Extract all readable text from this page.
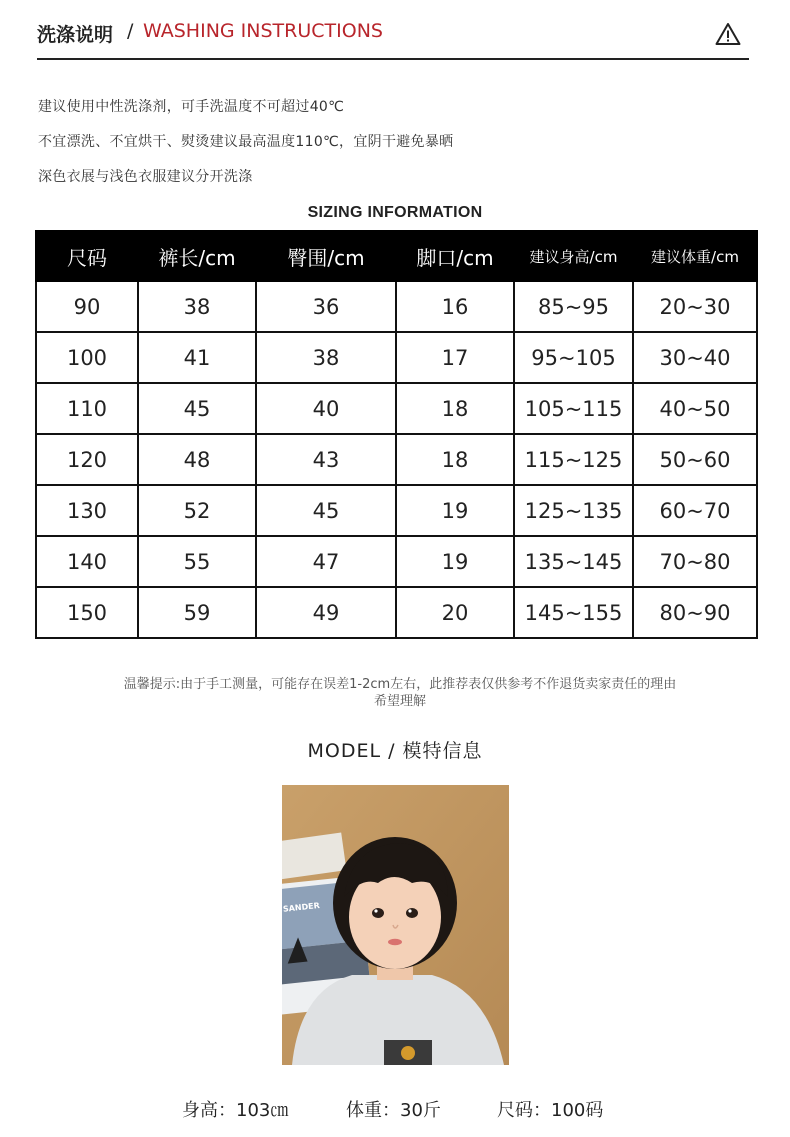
洗涤说明 / WASHING INSTRUCTIONS
建议使用中性洗涤剂，可手洗温度不可超过40℃
不宜漂洗、不宜烘干、熨烫建议最高温度110℃，宜阴干避免暴晒
深色衣展与浅色衣服建议分开洗涤
SIZING INFORMATION
尺码	裤长/cm	臀围/cm	脚口/cm	建议身高/cm	建议体重/cm
90	38	36	16	85~95	20~30
100	41	38	17	95~105	30~40
110	45	40	18	105~115	40~50
120	48	43	18	115~125	50~60
130	52	45	19	125~135	60~70
140	55	47	19	135~145	70~80
150	59	49	20	145~155	80~90
温馨提示:由于手工测量，可能存在误差1-2cm左右，此推荐表仅供参考不作退货卖家责任的理由
希望理解
MODEL / 模特信息
SANDER
身高：103㎝	体重：30斤	尺码：100码
